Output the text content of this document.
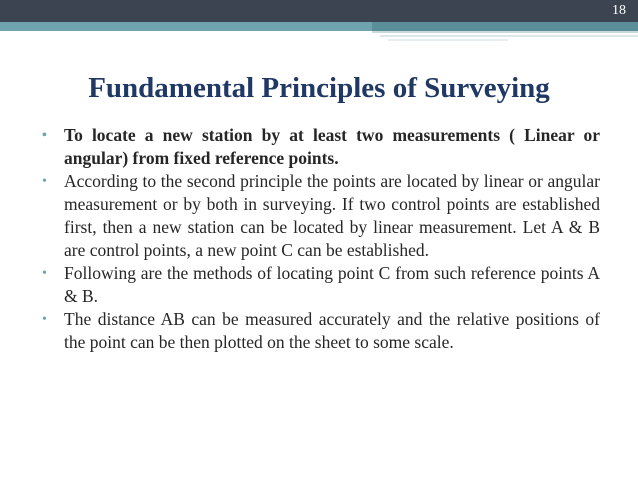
18
Fundamental Principles of Surveying
• To locate a new station by at least two measurements ( Linear or angular) from fixed reference points.
• According to the second principle the points are located by linear or angular measurement or by both in surveying. If two control points are established first, then a new station can be located by linear measurement. Let A & B are control points, a new point C can be established.
• Following are the methods of locating point C from such reference points A & B.
• The distance AB can be measured accurately and the relative positions of the point can be then plotted on the sheet to some scale.
